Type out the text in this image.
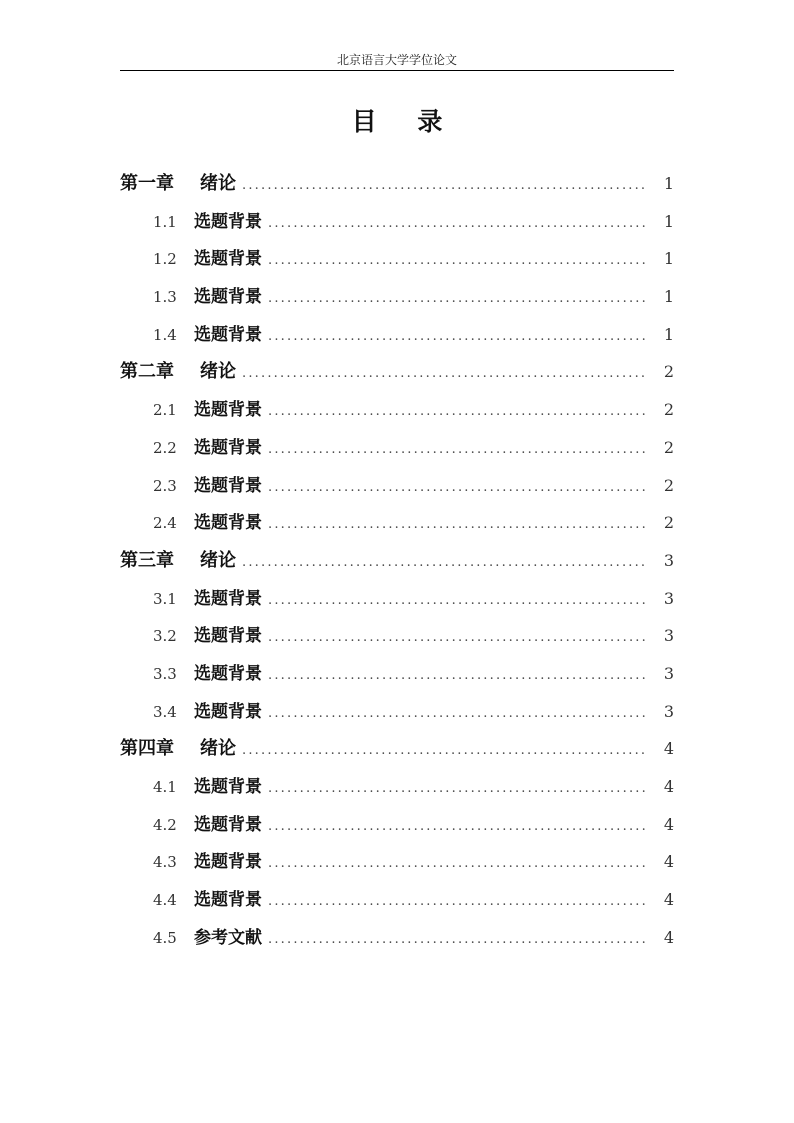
北京语言大学学位论文
目 录
第一章 绪论 .....	1
1.1	选题背景 .....	1
1.2	选题背景 .....	1
1.3	选题背景 .....	1
1.4	选题背景 .....	1
第二章 绪论 .....	2
2.1	选题背景 .....	2
2.2	选题背景 .....	2
2.3	选题背景 .....	2
2.4	选题背景 .....	2
第三章 绪论 .....	3
3.1	选题背景 .....	3
3.2	选题背景 .....	3
3.3	选题背景 .....	3
3.4	选题背景 .....	3
第四章 绪论 .....	4
4.1	选题背景 .....	4
4.2	选题背景 .....	4
4.3	选题背景 .....	4
4.4	选题背景 .....	4
4.5	参考文献 .....	4
